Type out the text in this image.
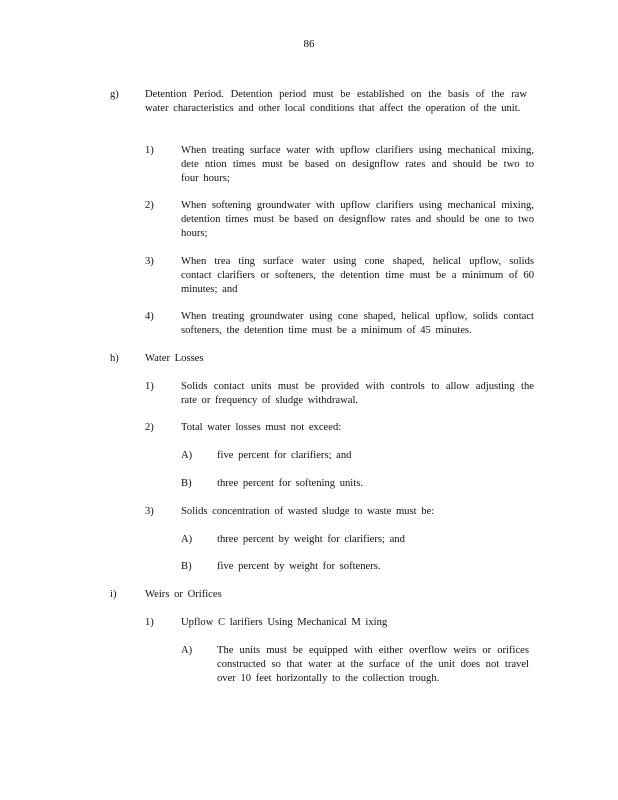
86
g) Detention Period. Detention period must be established on the basis of the raw water characteristics and other local conditions that affect the operation of the unit.
1)	When treating surface water with upflow clarifiers using mechanical mixing, dete ntion times must be based on designflow rates and should be two to four hours;
2)	When softening groundwater with upflow clarifiers using mechanical mixing, detention times must be based on designflow rates and should be one to two hours;
3)	When trea ting surface water using cone shaped, helical upflow, solids contact clarifiers or softeners, the detention time must be a minimum of 60 minutes; and
4)	When treating groundwater using cone shaped, helical upflow, solids contact softeners, the detention time must be a minimum of 45 minutes.
h) Water Losses
1)	Solids contact units must be provided with controls to allow adjusting the rate or frequency of sludge withdrawal.
2)	Total water losses must not exceed:
A) five percent for clarifiers; and
B) three percent for softening units.
3)	Solids concentration of wasted sludge to waste must be:
A) three percent by weight for clarifiers; and
B) five percent by weight for softeners.
i)	Weirs or Orifices
1)	Upflow C larifiers Using Mechanical M ixing
A) The units must be equipped with either overflow weirs or orifices constructed so that water at the surface of the unit does not travel over 10 feet horizontally to the collection trough.
